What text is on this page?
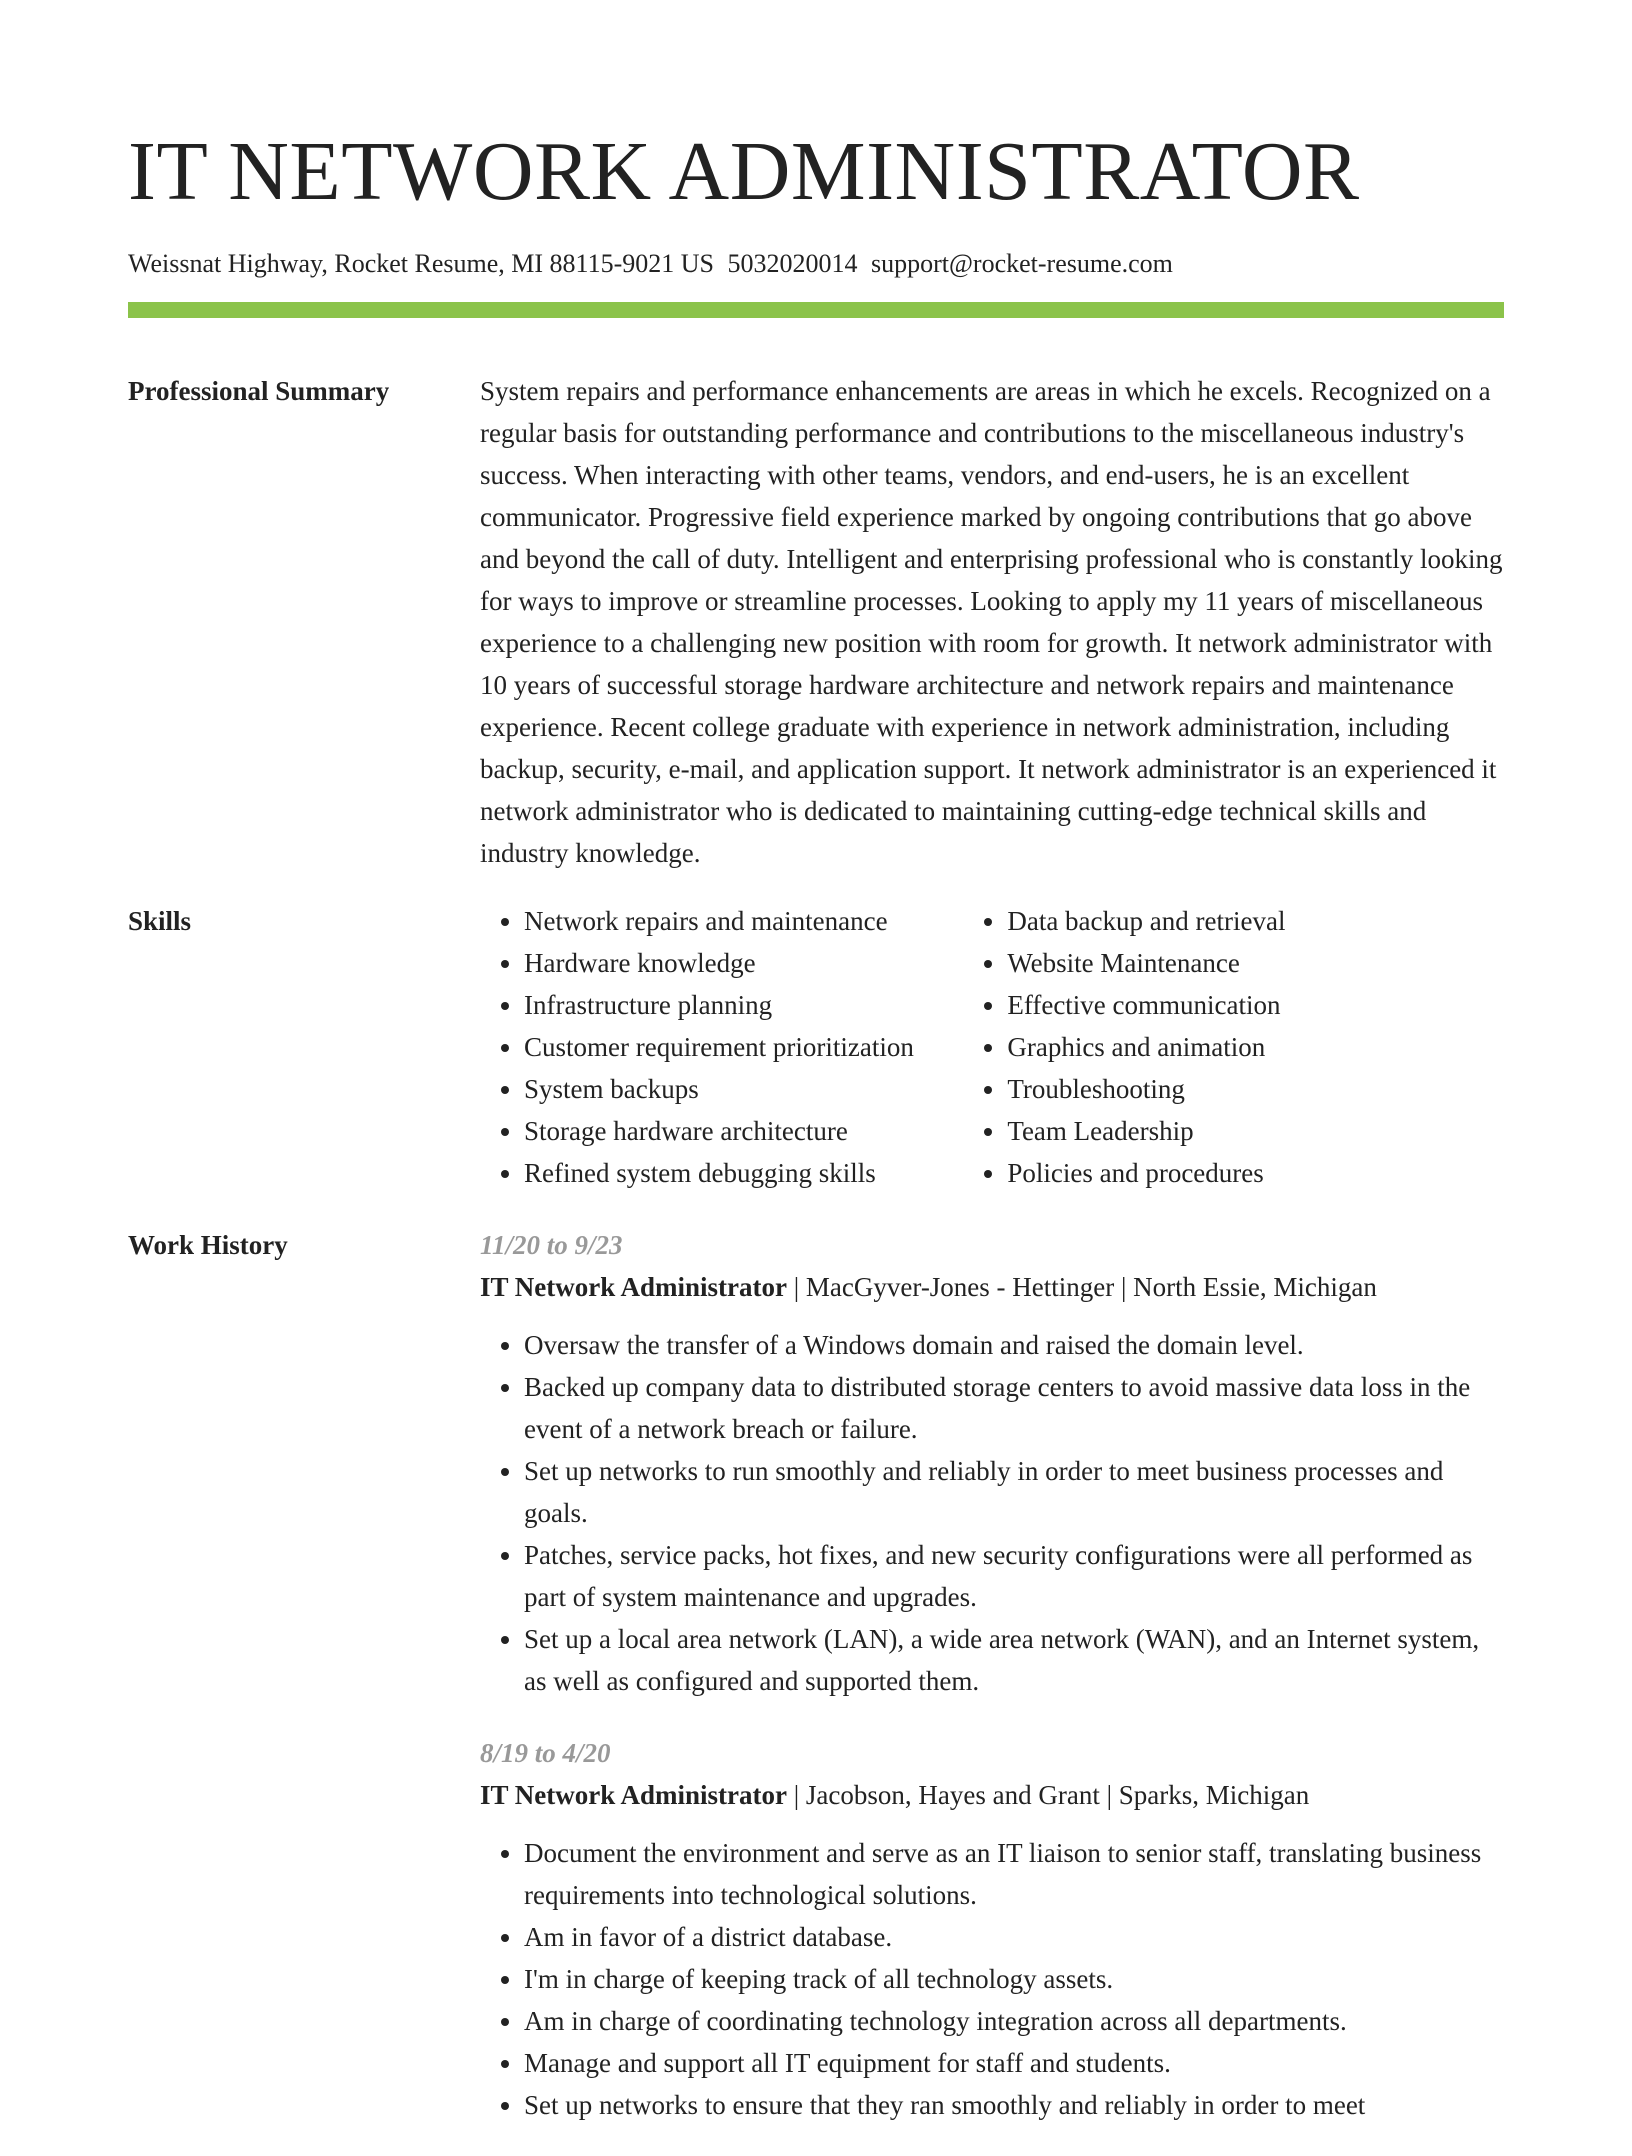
IT NETWORK ADMINISTRATOR
Weissnat Highway, Rocket Resume, MI 88115-9021 US 5032020014 support@rocket-resume.com
Professional Summary	System repairs and performance enhancements are areas in which he excels. Recognized on a regular basis for outstanding performance and contributions to the miscellaneous industry's success. When interacting with other teams, vendors, and end-users, he is an excellent communicator. Progressive field experience marked by ongoing contributions that go above and beyond the call of duty. Intelligent and enterprising professional who is constantly looking for ways to improve or streamline processes. Looking to apply my 11 years of miscellaneous experience to a challenging new position with room for growth. It network administrator with 10 years of successful storage hardware architecture and network repairs and maintenance experience. Recent college graduate with experience in network administration, including backup, security, e-mail, and application support. It network administrator is an experienced it network administrator who is dedicated to maintaining cutting-edge technical skills and industry knowledge.

Skills
•	Network repairs and maintenance
• Hardware knowledge
• Infrastructure planning
• Customer requirement prioritization
• System backups
• Storage hardware architecture
• Refined system debugging skills
• Data backup and retrieval
• Website Maintenance
• Effective communication
• Graphics and animation
• Troubleshooting
• Team Leadership
• Policies and procedures
Work History	11/20 to 9/23
IT Network Administrator | MacGyver-Jones - Hettinger | North Essie, Michigan
• Oversaw the transfer of a Windows domain and raised the domain level.
• Backed up company data to distributed storage centers to avoid massive data loss in the event of a network breach or failure.
• Set up networks to run smoothly and reliably in order to meet business processes and goals.
• Patches, service packs, hot fixes, and new security configurations were all performed as part of system maintenance and upgrades.
• Set up a local area network (LAN), a wide area network (WAN), and an Internet system, as well as configured and supported them.
8/19 to 4/20
IT Network Administrator | Jacobson, Hayes and Grant | Sparks, Michigan
• Document the environment and serve as an IT liaison to senior staff, translating business requirements into technological solutions.
• Am in favor of a district database.
• I'm in charge of keeping track of all technology assets.
• Am in charge of coordinating technology integration across all departments.
• Manage and support all IT equipment for staff and students.
• Set up networks to ensure that they ran smoothly and reliably in order to meet
